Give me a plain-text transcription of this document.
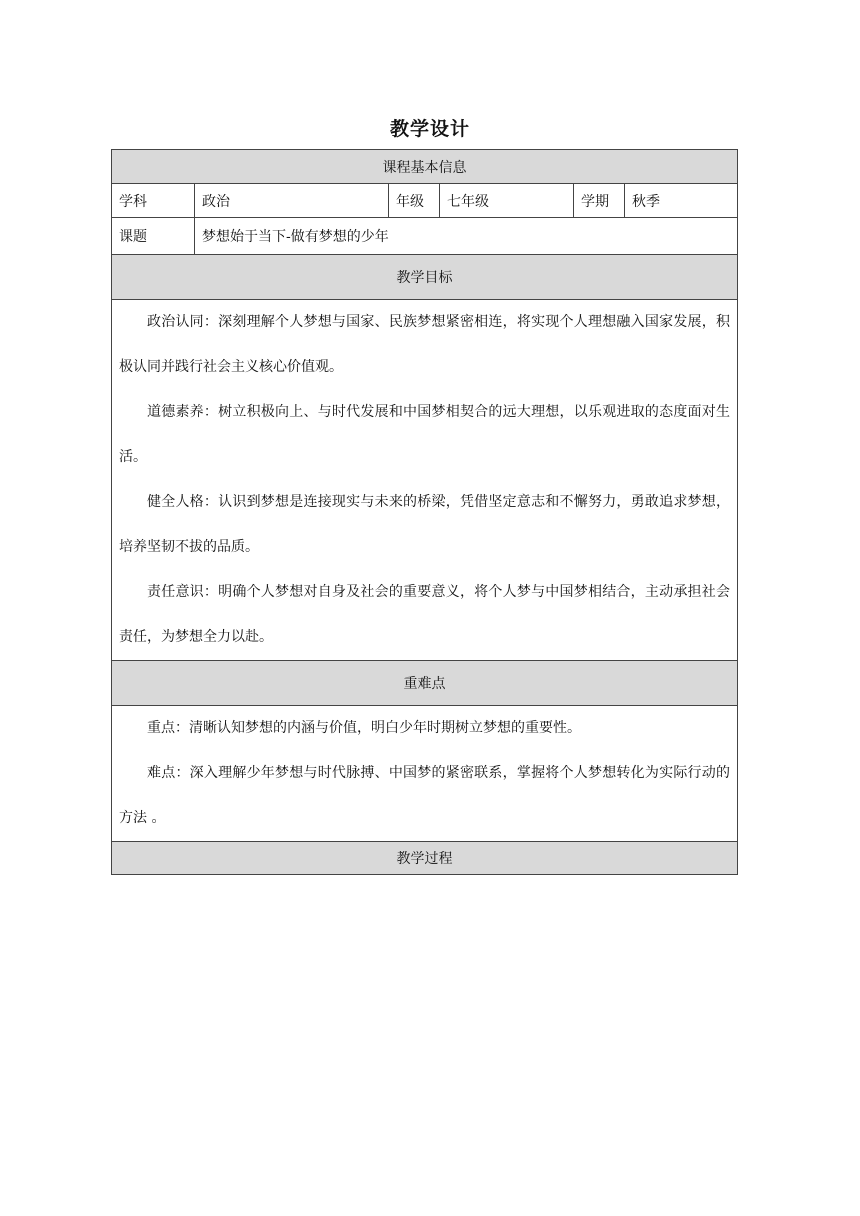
教学设计
课程基本信息					
学科	政治	年级	七年级	学期	秋季
课题	梦想始于当下-做有梦想的少年				
教学目标					

政治认同：深刻理解个人梦想与国家、民族梦想紧密相连，将实现个人理想融入国家发展，积极认同并践行社会主义核心价值观。

道德素养：树立积极向上、与时代发展和中国梦相契合的远大理想，以乐观进取的态度面对生活。

健全人格：认识到梦想是连接现实与未来的桥梁，凭借坚定意志和不懈努力，勇敢追求梦想，培养坚韧不拔的品质。

责任意识：明确个人梦想对自身及社会的重要意义，将个人梦与中国梦相结合，主动承担社会责任，为梦想全力以赴。					

重难点					

重点：清晰认知梦想的内涵与价值，明白少年时期树立梦想的重要性。

难点：深入理解少年梦想与时代脉搏、中国梦的紧密联系，掌握将个人梦想转化为实际行动的方法 。					

教学过程					
